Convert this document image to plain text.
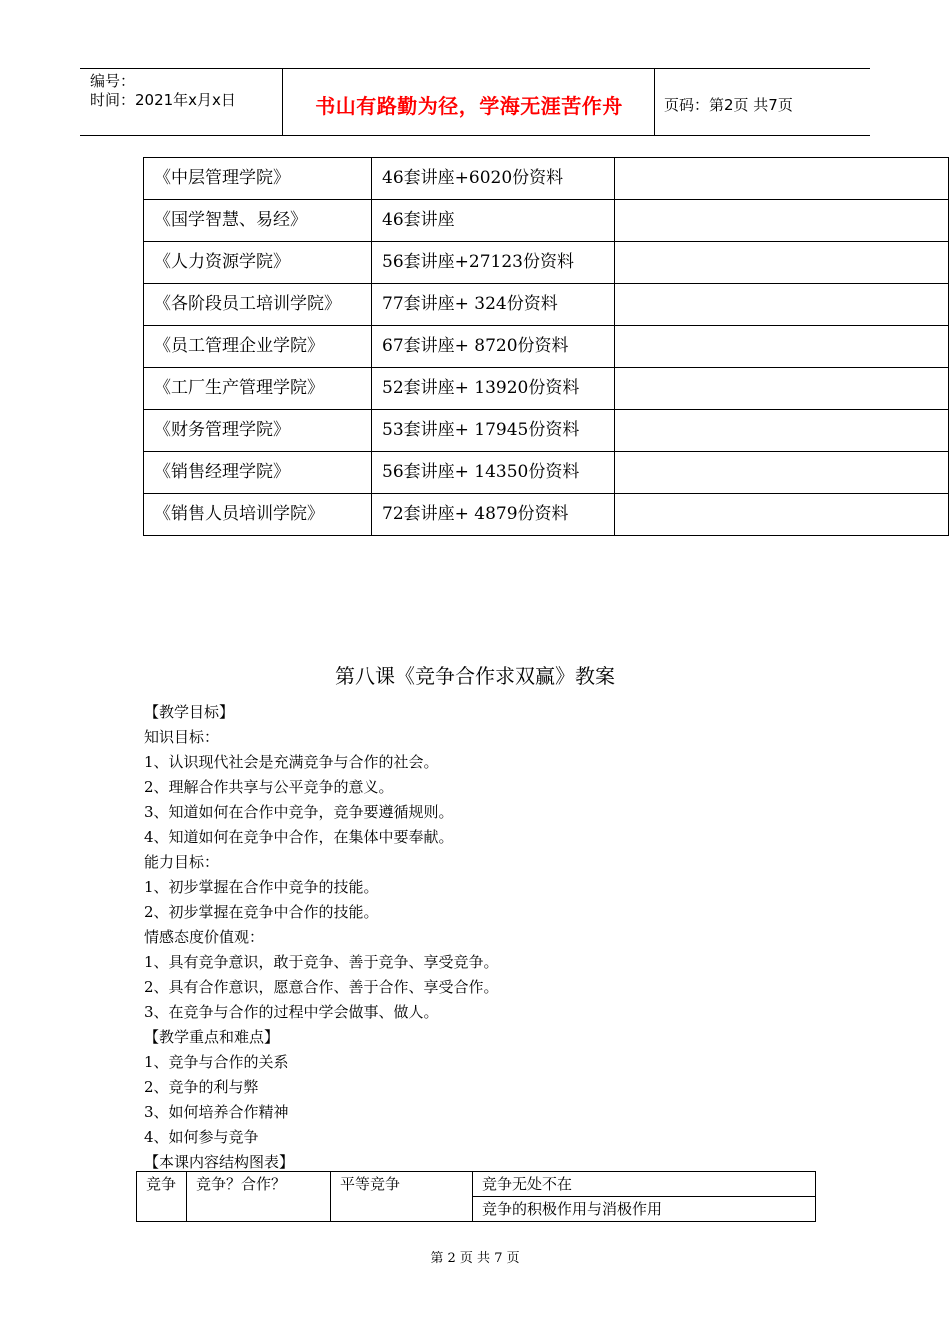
编号：
时间：2021年x月x日	书山有路勤为径，学海无涯苦作舟	页码：第2页 共7页
《中层管理学院》	46套讲座+6020份资料	
《国学智慧、易经》	46套讲座	
《人力资源学院》	56套讲座+27123份资料	
《各阶段员工培训学院》	77套讲座+ 324份资料	
《员工管理企业学院》	67套讲座+ 8720份资料	
《工厂生产管理学院》	52套讲座+ 13920份资料	
《财务管理学院》	53套讲座+ 17945份资料	
《销售经理学院》	56套讲座+ 14350份资料	
《销售人员培训学院》	72套讲座+ 4879份资料	
第八课《竞争合作求双赢》教案
【教学目标】
知识目标：
1、认识现代社会是充满竞争与合作的社会。
2、理解合作共享与公平竞争的意义。
3、知道如何在合作中竞争，竞争要遵循规则。
4、知道如何在竞争中合作，在集体中要奉献。
能力目标：
1、初步掌握在合作中竞争的技能。
2、初步掌握在竞争中合作的技能。
情感态度价值观：
1、具有竞争意识，敢于竞争、善于竞争、享受竞争。
2、具有合作意识，愿意合作、善于合作、享受合作。
3、在竞争与合作的过程中学会做事、做人。
【教学重点和难点】
1、竞争与合作的关系
2、竞争的利与弊
3、如何培养合作精神
4、如何参与竞争
【本课内容结构图表】
竞争	竞争？合作？	平等竞争	竞争无处不在
竞争的积极作用与消极作用
第 2 页 共 7 页
